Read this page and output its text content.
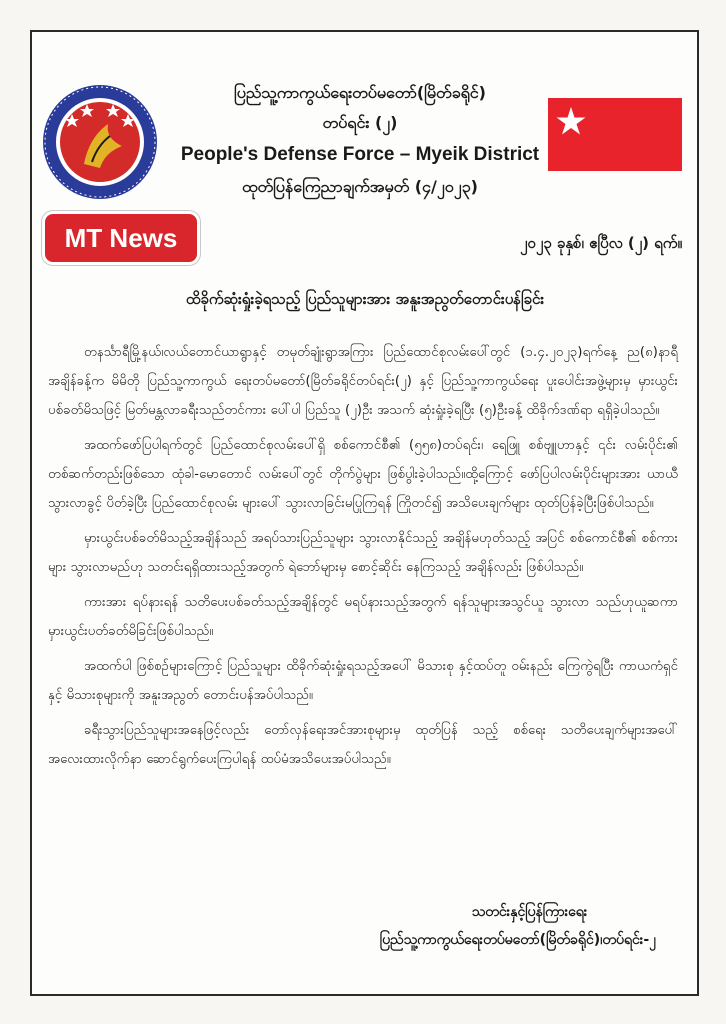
ပြည်သူ့ကာကွယ်ရေးတပ်မတော်(မြိတ်ခရိုင်)
တပ်ရင်း (၂)
People's Defense Force – Myeik District
ထုတ်ပြန်ကြေညာချက်အမှတ် (၄/၂၀၂၃)
MT News	၂၀၂၃ ခုနှစ်၊ ဧပြီလ (၂) ရက်။
ထိခိုက်ဆုံးရှုံးခဲ့ရသည့် ပြည်သူများအား အနူးအညွတ်တောင်းပန်ခြင်း

တနင်္သာရီမြို့နယ်၊လယ်တောင်ယာရွာနှင့် တမုတ်ချုံးရွာအကြား ပြည်ထောင်စုလမ်းပေါ်တွင် (၁.၄.၂၀၂၃)ရက်နေ့ ည(၈)နာရီအချိန်ခန့်က မိမိတို ပြည်သူ့ကာကွယ် ရေးတပ်မတော်(မြိတ်ခရိုင်တပ်ရင်း(၂) နှင့် ပြည်သူ့ကာကွယ်ရေး ပူးပေါင်းအဖွဲ့များမှ မှားယွင်းပစ်ခတ်မိသဖြင့် မြတ်မန္တလာခရီးသည်တင်ကား ပေါ်ပါ ပြည်သူ (၂)ဦး အသက် ဆုံးရှုံးခဲ့ရပြီး (၅)ဦးခန့် ထိခိုက်ဒဏ်ရာ ရရှိခဲ့ပါသည်။

အထက်ဖော်ပြပါရက်တွင် ပြည်ထောင်စုလမ်းပေါ်ရှိ စစ်ကောင်စီ၏ (၅၅၈)တပ်ရင်း၊ ရေဖြူ စစ်ဗျူဟာနှင့် ၎င်း လမ်းပိုင်း၏ တစ်ဆက်တည်းဖြစ်သော ထုံခါ-မောတောင် လမ်းပေါ်တွင် တိုက်ပွဲများ ဖြစ်ပွါးခဲ့ပါသည်။ထို့ကြောင့် ဖော်ပြပါလမ်းပိုင်းများအား ယာယီသွားလာခွင့် ပိတ်ခဲ့ပြီး ပြည်ထောင်စုလမ်း များပေါ် သွားလာခြင်းမပြုကြရန် ကြိုတင်၍ အသိပေးချက်များ ထုတ်ပြန်ခဲ့ပြီးဖြစ်ပါသည်။

မှားယွင်းပစ်ခတ်မိသည့်အချိန်သည် အရပ်သားပြည်သူများ သွားလာနိုင်သည့် အချိန်မဟုတ်သည့် အပြင် စစ်ကောင်စီ၏ စစ်ကားများ သွားလာမည်ဟု သတင်းရရှိထားသည့်အတွက် ရဲဘော်များမှ စောင့်ဆိုင်း နေကြသည့် အချိန်လည်း ဖြစ်ပါသည်။

ကားအား ရပ်နားရန် သတိပေးပစ်ခတ်သည့်အချိန်တွင် မရပ်နားသည့်အတွက် ရန်သူများအသွင်ယူ သွားလာ သည်ဟုယူဆကာ မှားယွင်းပတ်ခတ်မိခြင်းဖြစ်ပါသည်။

အထက်ပါ ဖြစ်စဉ်များကြောင့် ပြည်သူများ ထိခိုက်ဆုံးရှုံးရသည့်အပေါ် မိသားစု နှင့်ထပ်တူ ဝမ်းနည်း ကြေကွဲရပြီး ကာယကံရှင် နှင့် မိသားစုများကို အနူးအညွတ် တောင်းပန်အပ်ပါသည်။

ခရီးသွားပြည်သူများအနေဖြင့်လည်း တော်လှန်ရေးအင်အားစုများမှ ထုတ်ပြန် သည့် စစ်ရေး သတိပေးချက်များအပေါ် အလေးထားလိုက်နာ ဆောင်ရွက်ပေးကြပါရန် ထပ်မံအသိပေးအပ်ပါသည်။

သတင်းနှင့်ပြန်ကြားရေး
ပြည်သူ့ကာကွယ်ရေးတပ်မတော်(မြိတ်ခရိုင်)၊တပ်ရင်း-၂
